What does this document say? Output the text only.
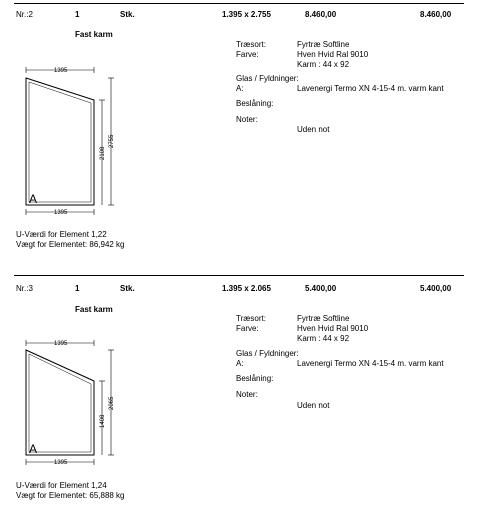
Nr.:2	1	Stk.	1.395 x 2.755	8.460,00	8.460,00
Fast karm
Træsort:	Fyrtræ Softline
Farve:	Hven Hvid Ral 9010
Karm : 44 x 92
Glas / Fyldninger:
A:	Lavenergi Termo XN 4-15-4 m. varm kant
Beslåning:
Noter:
Uden not
1395
A
1395
2108
2755
U-Værdi for Element 1,22
Vægt for Elementet: 86,942 kg
Nr.:3	1	Stk.	1.395 x 2.065	5.400,00	5.400,00
Fast karm
Træsort:	Fyrtræ Softline
Farve:	Hven Hvid Ral 9010
Karm : 44 x 92
Glas / Fyldninger:
A:	Lavenergi Termo XN 4-15-4 m. varm kant
Beslåning:
Noter:
Uden not
1395
A
1395
1408
2065
U-Værdi for Element 1,24
Vægt for Elementet: 65,888 kg
